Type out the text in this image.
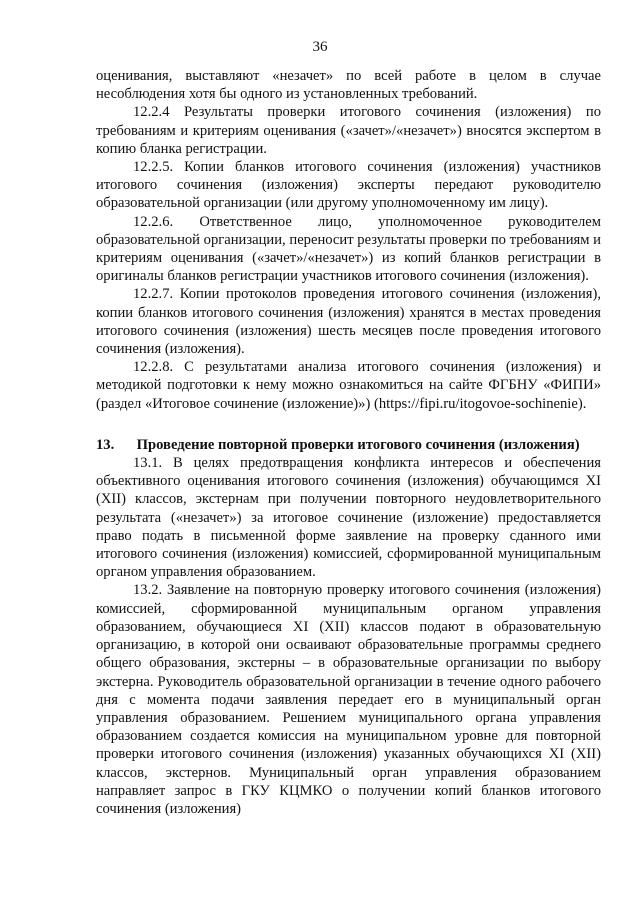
36

оценивания, выставляют «незачет» по всей работе в целом в случае несоблюдения хотя бы одного из установленных требований.

12.2.4 Результаты проверки итогового сочинения (изложения) по требованиям и критериям оценивания («зачет»/«незачет») вносятся экспертом в копию бланка регистрации.

12.2.5. Копии бланков итогового сочинения (изложения) участников итогового сочинения (изложения) эксперты передают руководителю образовательной организации (или другому уполномоченному им лицу).

12.2.6. Ответственное лицо, уполномоченное руководителем образовательной организации, переносит результаты проверки по требованиям и критериям оценивания («зачет»/«незачет») из копий бланков регистрации в оригиналы бланков регистрации участников итогового сочинения (изложения).

12.2.7. Копии протоколов проведения итогового сочинения (изложения), копии бланков итогового сочинения (изложения) хранятся в местах проведения итогового сочинения (изложения) шесть месяцев после проведения итогового сочинения (изложения).

12.2.8. С результатами анализа итогового сочинения (изложения) и методикой подготовки к нему можно ознакомиться на сайте ФГБНУ «ФИПИ» (раздел «Итоговое сочинение (изложение)») (https://fipi.ru/itogovoe-sochinenie).

13. Проведение повторной проверки итогового сочинения (изложения)

13.1. В целях предотвращения конфликта интересов и обеспечения объективного оценивания итогового сочинения (изложения) обучающимся XI (XII) классов, экстернам при получении повторного неудовлетворительного результата («незачет») за итоговое сочинение (изложение) предоставляется право подать в письменной форме заявление на проверку сданного ими итогового сочинения (изложения) комиссией, сформированной муниципальным органом управления образованием.

13.2. Заявление на повторную проверку итогового сочинения (изложения) комиссией, сформированной муниципальным органом управления образованием, обучающиеся XI (XII) классов подают в образовательную организацию, в которой они осваивают образовательные программы среднего общего образования, экстерны – в образовательные организации по выбору экстерна. Руководитель образовательной организации в течение одного рабочего дня с момента подачи заявления передает его в муниципальный орган управления образованием. Решением муниципального органа управления образованием создается комиссия на муниципальном уровне для повторной проверки итогового сочинения (изложения) указанных обучающихся XI (XII) классов, экстернов. Муниципальный орган управления образованием направляет запрос в ГКУ КЦМКО о получении копий бланков итогового сочинения (изложения)
